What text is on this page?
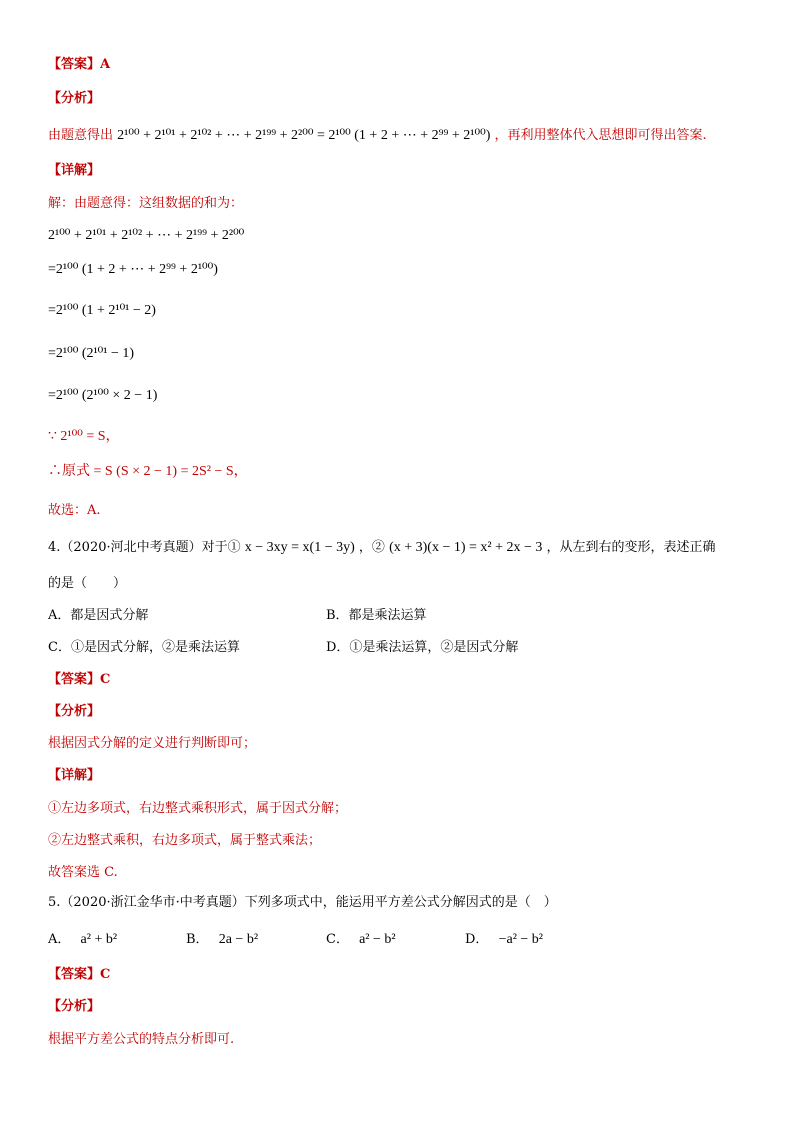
【答案】A
【分析】
由题意得出 2¹⁰⁰ + 2¹⁰¹ + 2¹⁰² + ⋯ + 2¹⁹⁹ + 2²⁰⁰ = 2¹⁰⁰ (1 + 2 + ⋯ + 2⁹⁹ + 2¹⁰⁰) ，再利用整体代入思想即可得出答案.
【详解】
解：由题意得：这组数据的和为：
2¹⁰⁰ + 2¹⁰¹ + 2¹⁰² + ⋯ + 2¹⁹⁹ + 2²⁰⁰
=2¹⁰⁰ (1 + 2 + ⋯ + 2⁹⁹ + 2¹⁰⁰)
=2¹⁰⁰ (1 + 2¹⁰¹ − 2)
=2¹⁰⁰ (2¹⁰¹ − 1)
=2¹⁰⁰ (2¹⁰⁰ × 2 − 1)
∵ 2¹⁰⁰ = S，
∴原式 = S (S × 2 − 1) = 2S² − S，
故选：A.
4.（2020·河北中考真题）对于① x − 3xy = x(1 − 3y) ，② (x + 3)(x − 1) = x² + 2x − 3 ，从左到右的变形，表述正确
的是（　　）
A．都是因式分解	B．都是乘法运算
C．①是因式分解，②是乘法运算	D．①是乘法运算，②是因式分解
【答案】C
【分析】
根据因式分解的定义进行判断即可；
【详解】
①左边多项式，右边整式乘积形式，属于因式分解；
②左边整式乘积，右边多项式，属于整式乘法；
故答案选 C.
5.（2020·浙江金华市·中考真题）下列多项式中，能运用平方差公式分解因式的是（　）
A． a² + b²	B． 2a − b²	C． a² − b²	D． −a² − b²
【答案】C
【分析】
根据平方差公式的特点分析即可.
